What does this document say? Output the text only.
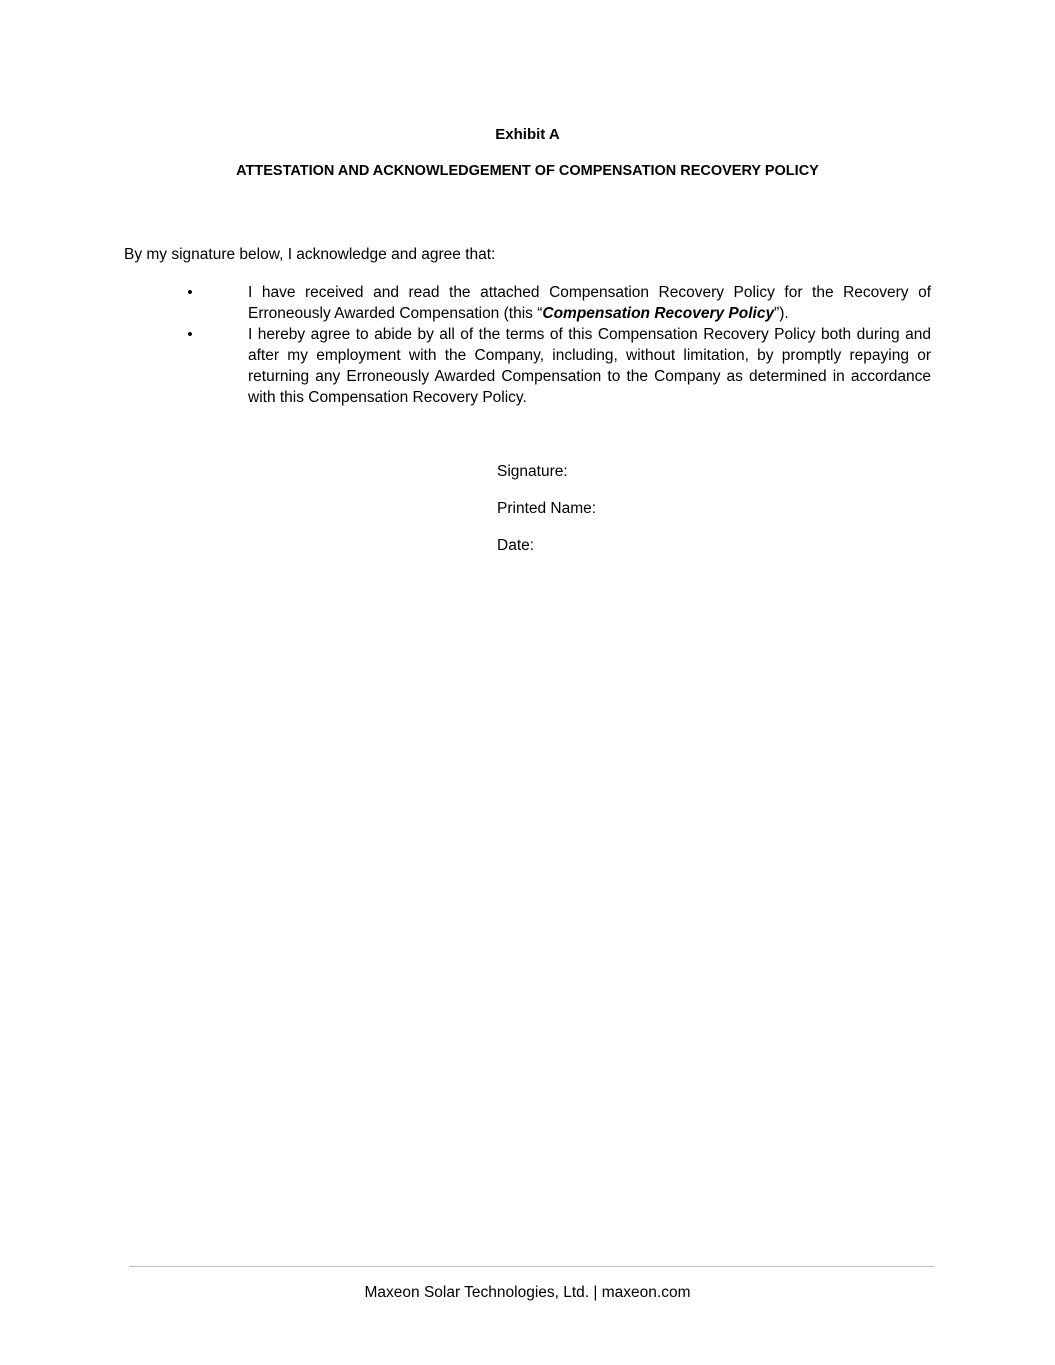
Exhibit A
ATTESTATION AND ACKNOWLEDGEMENT OF COMPENSATION RECOVERY POLICY
By my signature below, I acknowledge and agree that:
•	I have received and read the attached Compensation Recovery Policy for the Recovery of Erroneously Awarded Compensation (this “Compensation Recovery Policy”).
•	I hereby agree to abide by all of the terms of this Compensation Recovery Policy both during and after my employment with the Company, including, without limitation, by promptly repaying or returning any Erroneously Awarded Compensation to the Company as determined in accordance with this Compensation Recovery Policy.
Signature:
Printed Name:
Date:
Maxeon Solar Technologies, Ltd. | maxeon.com
